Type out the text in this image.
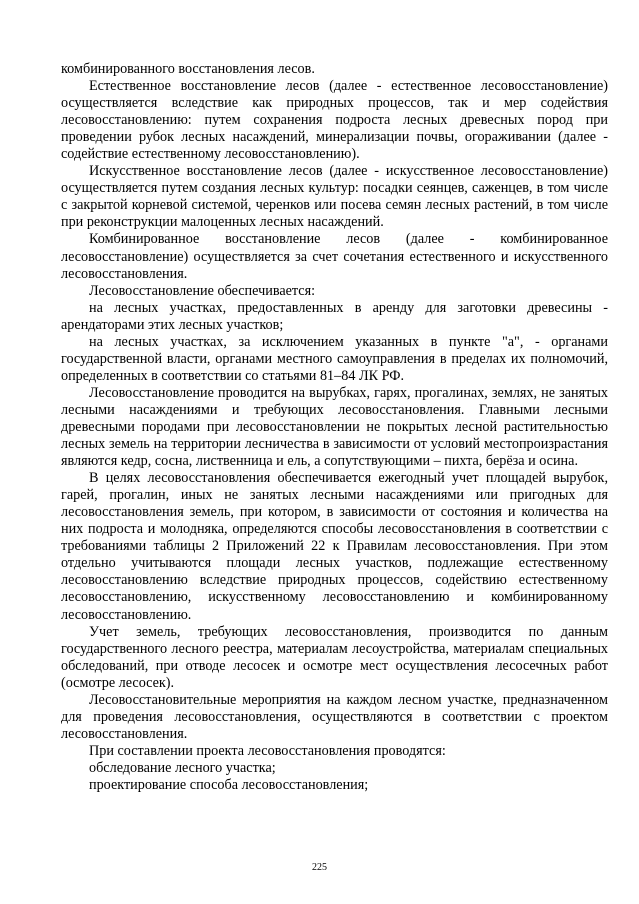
комбинированного восстановления лесов.

Естественное восстановление лесов (далее - естественное лесовосстановление) осуществляется вследствие как природных процессов, так и мер содействия лесовосстановлению: путем сохранения подроста лесных древесных пород при проведении рубок лесных насаждений, минерализации почвы, огораживании (далее - содействие естественному лесовосстановлению).

Искусственное восстановление лесов (далее - искусственное лесовосстановление) осуществляется путем создания лесных культур: посадки сеянцев, саженцев, в том числе с закрытой корневой системой, черенков или посева семян лесных растений, в том числе при реконструкции малоценных лесных насаждений.

Комбинированное восстановление лесов (далее - комбинированное лесовосстановление) осуществляется за счет сочетания естественного и искусственного лесовосстановления.

Лесовосстановление обеспечивается:

на лесных участках, предоставленных в аренду для заготовки древесины - арендаторами этих лесных участков;

на лесных участках, за исключением указанных в пункте "а", - органами государственной власти, органами местного самоуправления в пределах их полномочий, определенных в соответствии со статьями 81–84 ЛК РФ.

Лесовосстановление проводится на вырубках, гарях, прогалинах, землях, не занятых лесными насаждениями и требующих лесовосстановления. Главными лесными древесными породами при лесовосстановлении не покрытых лесной растительностью лесных земель на территории лесничества в зависимости от условий местопроизрастания являются кедр, сосна, лиственница и ель, а сопутствующими – пихта, берёза и осина.

В целях лесовосстановления обеспечивается ежегодный учет площадей вырубок, гарей, прогалин, иных не занятых лесными насаждениями или пригодных для лесовосстановления земель, при котором, в зависимости от состояния и количества на них подроста и молодняка, определяются способы лесовосстановления в соответствии с требованиями таблицы 2 Приложений 22 к Правилам лесовосстановления. При этом отдельно учитываются площади лесных участков, подлежащие естественному лесовосстановлению вследствие природных процессов, содействию естественному лесовосстановлению, искусственному лесовосстановлению и комбинированному лесовосстановлению.

Учет земель, требующих лесовосстановления, производится по данным государственного лесного реестра, материалам лесоустройства, материалам специальных обследований, при отводе лесосек и осмотре мест осуществления лесосечных работ (осмотре лесосек).

Лесовосстановительные мероприятия на каждом лесном участке, предназначенном для проведения лесовосстановления, осуществляются в соответствии с проектом лесовосстановления.

При составлении проекта лесовосстановления проводятся:

обследование лесного участка;

проектирование способа лесовосстановления;

225
